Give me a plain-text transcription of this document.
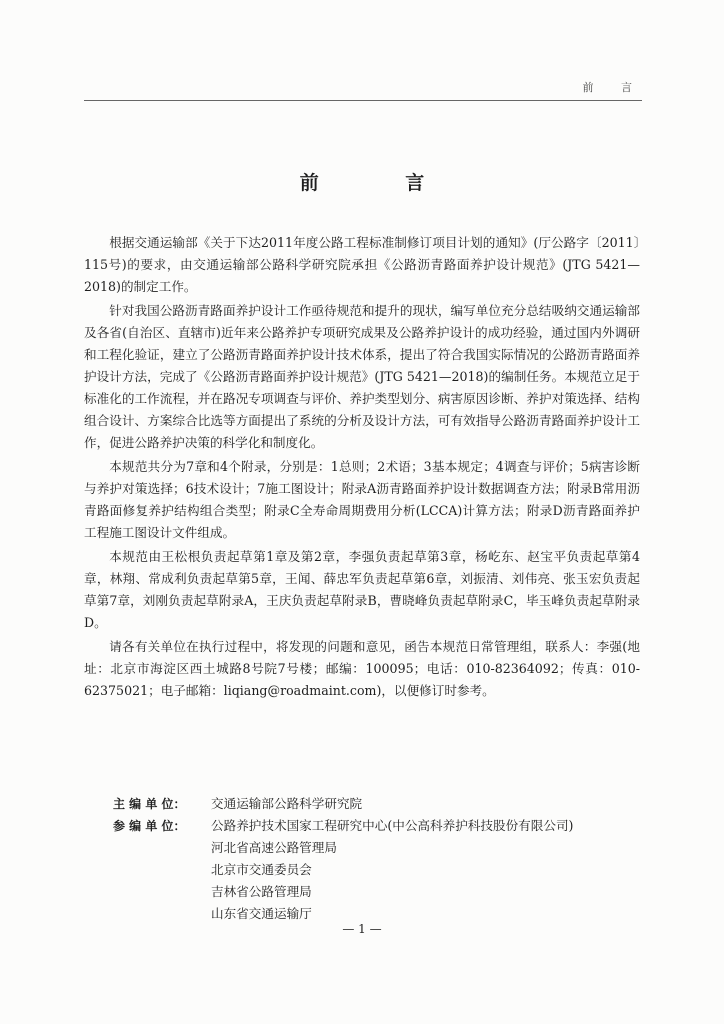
前 言
前 言

根据交通运输部《关于下达2011年度公路工程标准制修订项目计划的通知》(厅公路字〔2011〕115号)的要求，由交通运输部公路科学研究院承担《公路沥青路面养护设计规范》(JTG 5421—2018)的制定工作。

针对我国公路沥青路面养护设计工作亟待规范和提升的现状，编写单位充分总结吸纳交通运输部及各省(自治区、直辖市)近年来公路养护专项研究成果及公路养护设计的成功经验，通过国内外调研和工程化验证，建立了公路沥青路面养护设计技术体系，提出了符合我国实际情况的公路沥青路面养护设计方法，完成了《公路沥青路面养护设计规范》(JTG 5421—2018)的编制任务。本规范立足于标准化的工作流程，并在路况专项调查与评价、养护类型划分、病害原因诊断、养护对策选择、结构组合设计、方案综合比选等方面提出了系统的分析及设计方法，可有效指导公路沥青路面养护设计工作，促进公路养护决策的科学化和制度化。

本规范共分为7章和4个附录，分别是：1总则；2术语；3基本规定；4调查与评价；5病害诊断与养护对策选择；6技术设计；7施工图设计；附录A沥青路面养护设计数据调查方法；附录B常用沥青路面修复养护结构组合类型；附录C全寿命周期费用分析(LCCA)计算方法；附录D沥青路面养护工程施工图设计文件组成。

本规范由王松根负责起草第1章及第2章，李强负责起草第3章，杨屹东、赵宝平负责起草第4章，林翔、常成利负责起草第5章，王闻、薛忠军负责起草第6章，刘振清、刘伟亮、张玉宏负责起草第7章，刘刚负责起草附录A，王庆负责起草附录B，曹晓峰负责起草附录C，毕玉峰负责起草附录D。

请各有关单位在执行过程中，将发现的问题和意见，函告本规范日常管理组，联系人：李强(地址：北京市海淀区西土城路8号院7号楼；邮编：100095；电话：010-82364092；传真：010-62375021；电子邮箱：liqiang@roadmaint.com)，以便修订时参考。

主 编 单 位：	交通运输部公路科学研究院
参 编 单 位：	公路养护技术国家工程研究中心(中公高科养护科技股份有限公司)
河北省高速公路管理局
北京市交通委员会
吉林省公路管理局
山东省交通运输厅
— 1 —
